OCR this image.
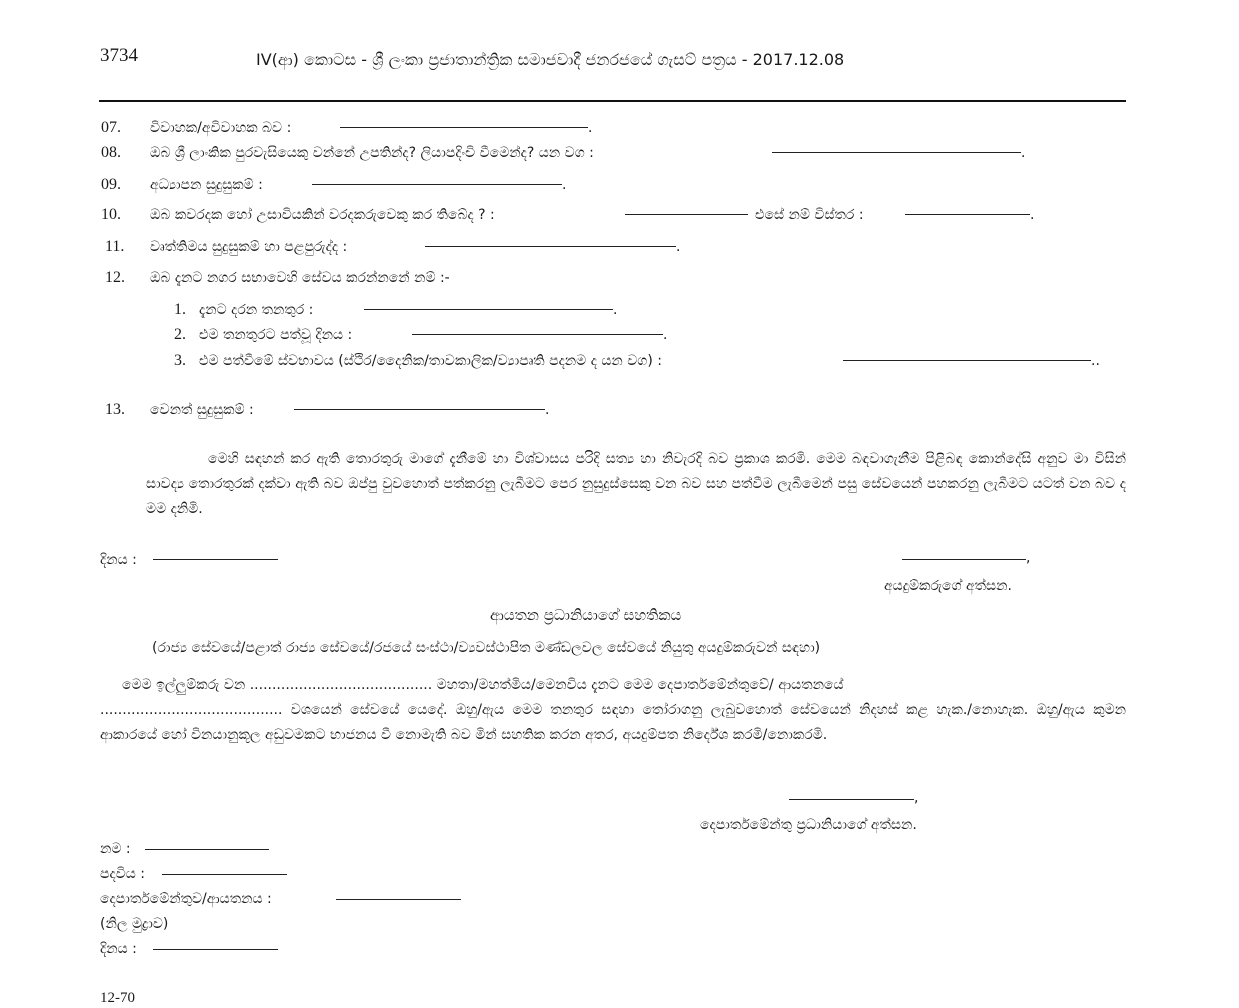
3734	IV(ආ) කොටස - ශ්‍රී ලංකා ප්‍රජාතාන්ත්‍රික සමාජවාදී ජනරජයේ ගැසට් පත්‍රය - 2017.12.08
07. විවාහක/අවිවාහක බව :	.
08. ඔබ ශ්‍රී ලාංකික පුරවැසියෙකු වන්නේ උපතින්ද? ලියාපදිංචි වීමෙන්ද? යන වග :	.
09. අධ්‍යාපන සුදුසුකම් :	.
10. ඔබ කවරදක හෝ උසාවියකින් වරදකරුවෙකු කර තිබේද ? :	එසේ නම් විස්තර :	.
11. වෘත්තිමය සුදුසුකම් හා පළපුරුද්ද :	.
12. ඔබ දැනට නගර සභාවෙහි සේවය කරන්නනේ නම් :-
1. දැනට දරන තනතුර :	.
2. එම තනතුරට පත්වූ දිනය :	.
3. එම පත්වීමේ ස්වභාවය (ස්ථිර/දෛනික/තාවකාලික/ව්‍යාපෘති පදනම ද යන වග) :	..
13. වෙනත් සුදුසුකම් :	.
මෙහි සඳහන් කර ඇති තොරතුරු මාගේ දැනීමේ හා විශ්වාසය පරිදි සත්‍ය හා නිවැරදි බව ප්‍රකාශ කරමි. මෙම බඳවාගැනීම පිළිබඳ කොන්දේසි අනුව මා විසින් සාවද්‍ය තොරතුරක් දක්වා ඇති බව ඔප්පු වුවහොත් පත්කරනු ලැබීමට පෙර නුසුදුස්සෙකු වන බව සහ පත්වීම ලැබීමෙන් පසු සේවයෙන් පහකරනු ලැබීමට යටත් වන බව ද මම දනිමි.
දිනය :	,
අයදුම්කරුගේ අත්සන.
ආයතන ප්‍රධානියාගේ සහතිකය
(රාජ්‍ය සේවයේ/පළාත් රාජ්‍ය සේවයේ/රජයේ සංස්ථා/ව්‍යවස්ථාපිත මණ්ඩලවල සේවයේ නියුතු අයදුම්කරුවන් සඳහා)
මෙම ඉල්ලුම්කරු වන ......................................... මහතා/මහත්මිය/මෙනවිය දැනට මෙම දෙපාර්තමේන්තුවේ/ ආයතනයේ
......................................... වශයෙන් සේවයේ යෙදේ. ඔහු/ඇය මෙම තනතුර සඳහා තෝරාගනු ලැබුවහොත් සේවයෙන් නිදහස් කළ හැක./නොහැක. ඔහු/ඇය කුමන ආකාරයේ හෝ විනයානුකූල අඩුවමකට භාජනය වී නොමැති බව මින් සහතික කරන අතර, අයදුම්පත නිර්දේශ කරමි/නොකරමි.
,
දෙපාර්තමේන්තු ප්‍රධානියාගේ අත්සන.
නම :
පදවිය :
දෙපාර්තමේන්තුව/ආයතනය :
(නිල මුද්‍රාව)
දිනය :
12-70
